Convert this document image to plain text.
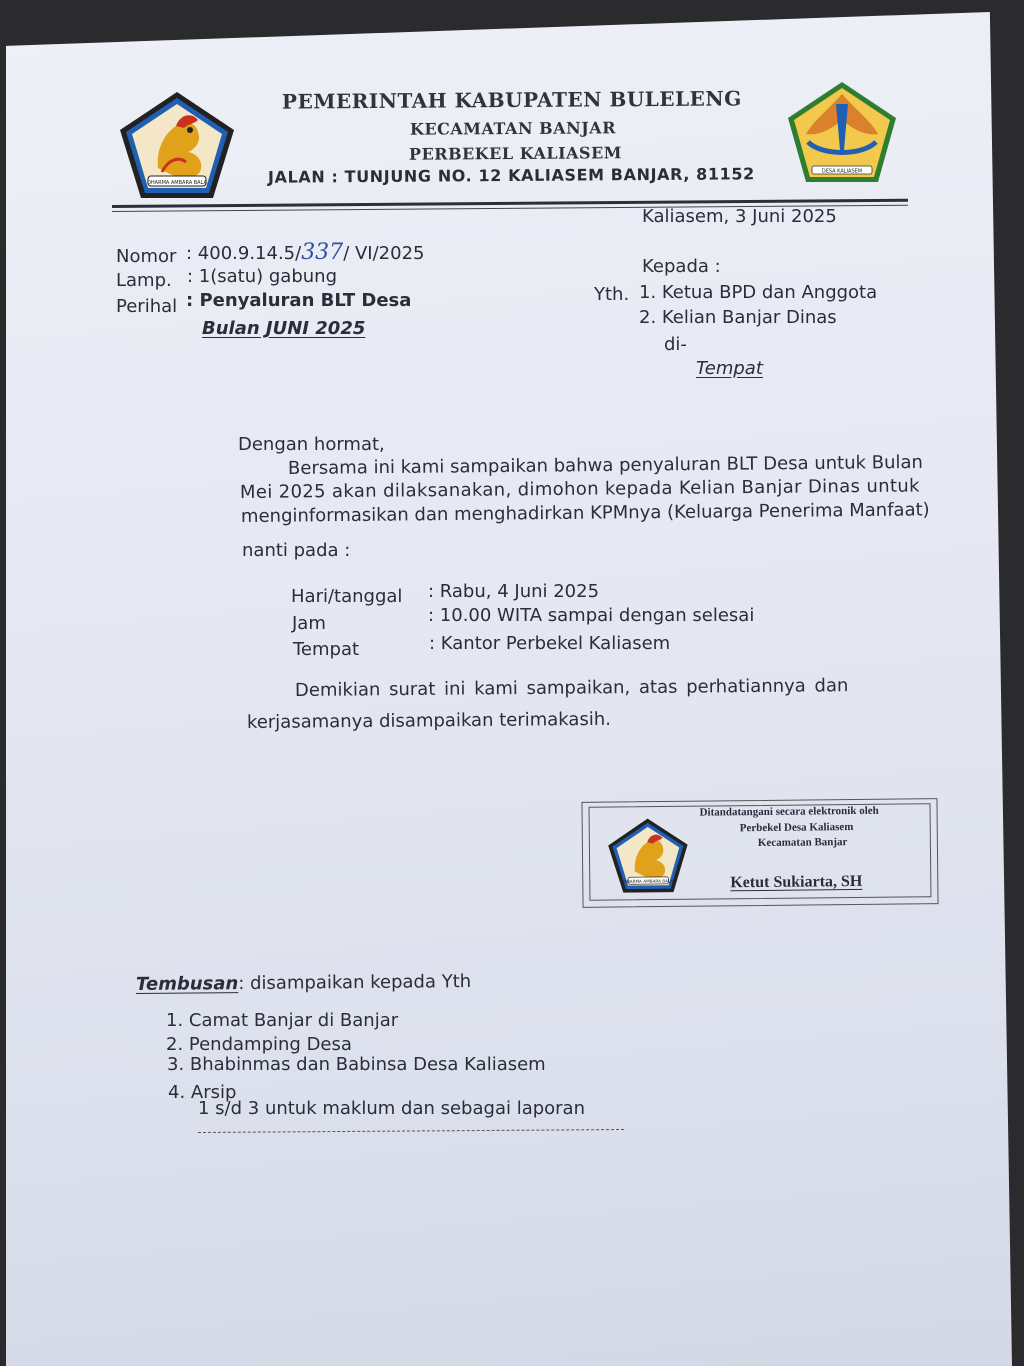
DHARMA AMBARA BALA
PEMERINTAH KABUPATEN BULELENG
KECAMATAN BANJAR
PERBEKEL KALIASEM
JALAN : TUNJUNG NO. 12 KALIASEM BANJAR, 81152	DESA KALIASEM
Kaliasem, 3 Juni 2025
Nomor : 400.9.14.5/337/ VI/2025
Lamp. : 1(satu) gabung
Perihal : Penyaluran BLT Desa
Bulan JUNI 2025
Kepada :
Yth. 1. Ketua BPD dan Anggota
2. Kelian Banjar Dinas
di-
Tempat
Dengan hormat,
Bersama ini kami sampaikan bahwa penyaluran BLT Desa untuk Bulan
Mei 2025 akan dilaksanakan, dimohon kepada Kelian Banjar Dinas untuk
menginformasikan dan menghadirkan KPMnya (Keluarga Penerima Manfaat)
nanti pada :
Hari/tanggal : Rabu, 4 Juni 2025
Jam	: 10.00 WITA sampai dengan selesai
Tempat	: Kantor Perbekel Kaliasem
Demikian surat ini kami sampaikan, atas perhatiannya dan
kerjasamanya disampaikan terimakasih.
DHARMA AMBARA BALA
Ditandatangani secara elektronik oleh
Perbekel Desa Kaliasem
Kecamatan Banjar
Ketut Sukiarta, SH
Tembusan: disampaikan kepada Yth
1. Camat Banjar di Banjar
2. Pendamping Desa
3. Bhabinmas dan Babinsa Desa Kaliasem
4. Arsip
1 s/d 3 untuk maklum dan sebagai laporan
